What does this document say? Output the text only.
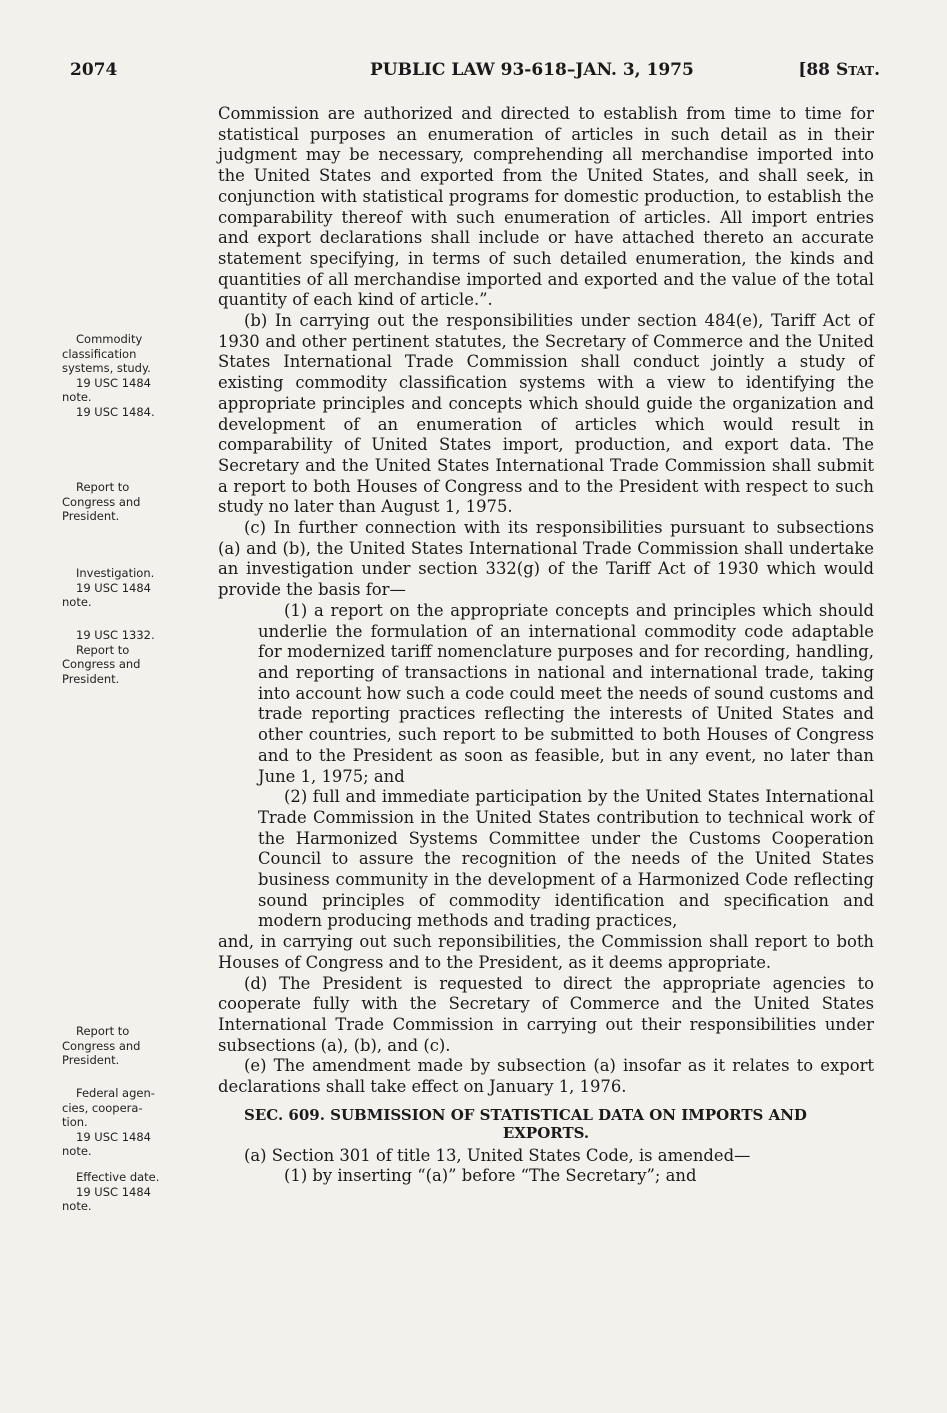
2074	PUBLIC LAW 93-618–JAN. 3, 1975	[88 Stat.
Commodity
classification
systems, study.
19 USC 1484
note.
19 USC 1484.
Report to
Congress and
President.
Investigation.
19 USC 1484
note.
19 USC 1332.
Report to
Congress and
President.
Report to
Congress and
President.
Federal agen-
cies, coopera-
tion.
19 USC 1484
note.
Effective date.
19 USC 1484
note.

Commission are authorized and directed to establish from time to time for statistical purposes an enumeration of articles in such detail as in their judgment may be necessary, comprehending all merchandise imported into the United States and exported from the United States, and shall seek, in conjunction with statistical programs for domestic production, to establish the comparability thereof with such enumeration of articles. All import entries and export declarations shall include or have attached thereto an accurate statement specifying, in terms of such detailed enumeration, the kinds and quantities of all merchandise imported and exported and the value of the total quantity of each kind of article.”.

(b) In carrying out the responsibilities under section 484(e), Tariff Act of 1930 and other pertinent statutes, the Secretary of Commerce and the United States International Trade Commission shall conduct jointly a study of existing commodity classification systems with a view to identifying the appropriate principles and concepts which should guide the organization and development of an enumeration of articles which would result in comparability of United States import, production, and export data. The Secretary and the United States International Trade Commission shall submit a report to both Houses of Congress and to the President with respect to such study no later than August 1, 1975.

(c) In further connection with its responsibilities pursuant to subsections (a) and (b), the United States International Trade Commission shall undertake an investigation under section 332(g) of the Tariff Act of 1930 which would provide the basis for—

(1) a report on the appropriate concepts and principles which should underlie the formulation of an international commodity code adaptable for modernized tariff nomenclature purposes and for recording, handling, and reporting of transactions in national and international trade, taking into account how such a code could meet the needs of sound customs and trade reporting practices reflecting the interests of United States and other countries, such report to be submitted to both Houses of Congress and to the President as soon as feasible, but in any event, no later than June 1, 1975; and

(2) full and immediate participation by the United States International Trade Commission in the United States contribution to technical work of the Harmonized Systems Committee under the Customs Cooperation Council to assure the recognition of the needs of the United States business community in the development of a Harmonized Code reflecting sound principles of commodity identification and specification and modern producing methods and trading practices,

and, in carrying out such reponsibilities, the Commission shall report to both Houses of Congress and to the President, as it deems appropriate.

(d) The President is requested to direct the appropriate agencies to cooperate fully with the Secretary of Commerce and the United States International Trade Commission in carrying out their responsibilities under subsections (a), (b), and (c).

(e) The amendment made by subsection (a) insofar as it relates to export declarations shall take effect on January 1, 1976.

SEC. 609. SUBMISSION OF STATISTICAL DATA ON IMPORTS AND
EXPORTS.

(a) Section 301 of title 13, United States Code, is amended—

(1) by inserting “(a)” before “The Secretary”; and
